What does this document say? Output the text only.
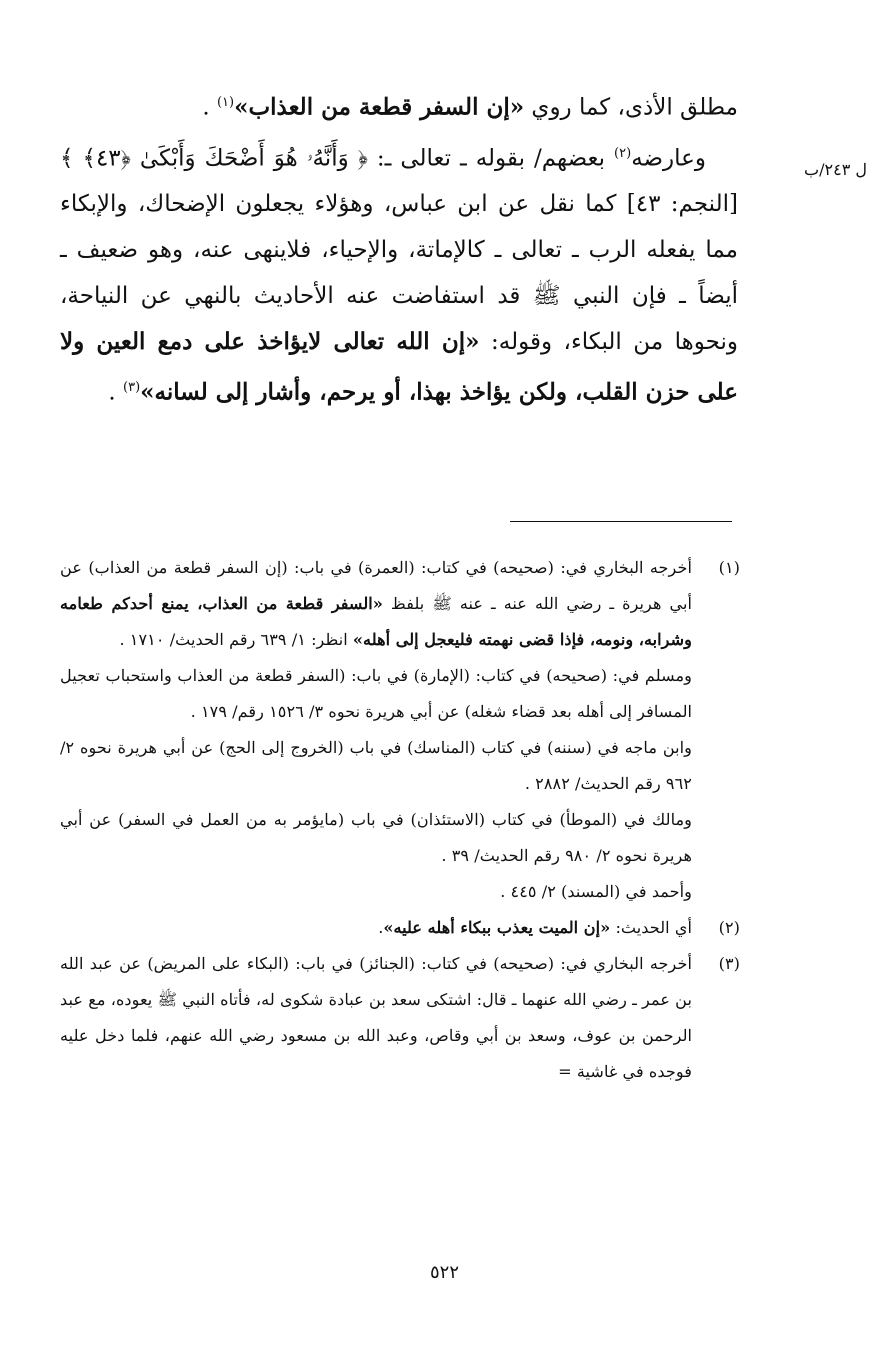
ل ٢٤٣/ب

مطلق الأذى، كما روي «إن السفر قطعة من العذاب»$^{(١)}$ .

وعارضه$^{(٢)}$ بعضهم/ بقوله ـ تعالى ـ: ﴿ وَأَنَّهُۥ هُوَ أَضْحَكَ وَأَبْكَىٰ ﴿٤٣﴾ ﴾ [النجم: ٤٣] كما نقل عن ابن عباس، وهؤلاء يجعلون الإضحاك، والإبكاء مما يفعله الرب ـ تعالى ـ كالإماتة، والإحياء، فلاينهى عنه، وهو ضعيف ـ أيضاً ـ فإن النبي ﷺ قد استفاضت عنه الأحاديث بالنهي عن النياحة، ونحوها من البكاء، وقوله: «إن الله تعالى لايؤاخذ على دمع العين ولا على حزن القلب، ولكن يؤاخذ بهذا، أو يرحم، وأشار إلى لسانه»$^{(٣)}$ .

(١)

أخرجه البخاري في: (صحيحه) في كتاب: (العمرة) في باب: (إن السفر قطعة من العذاب) عن أبي هريرة ـ رضي الله عنه ـ عنه ﷺ بلفظ «السفر قطعة من العذاب، يمنع أحدكم طعامه وشرابه، ونومه، فإذا قضى نهمته فليعجل إلى أهله» انظر: ١/ ٦٣٩ رقم الحديث/ ١٧١٠ .

ومسلم في: (صحيحه) في كتاب: (الإمارة) في باب: (السفر قطعة من العذاب واستحباب تعجيل المسافر إلى أهله بعد قضاء شغله) عن أبي هريرة نحوه ٣/ ١٥٢٦ رقم/ ١٧٩ .

وابن ماجه في (سننه) في كتاب (المناسك) في باب (الخروج إلى الحج) عن أبي هريرة نحوه ٢/ ٩٦٢ رقم الحديث/ ٢٨٨٢ .

ومالك في (الموطأ) في كتاب (الاستئذان) في باب (مايؤمر به من العمل في السفر) عن أبي هريرة نحوه ٢/ ٩٨٠ رقم الحديث/ ٣٩ .

وأحمد في (المسند) ٢/ ٤٤٥ .

(٢)

أي الحديث: «إن الميت يعذب ببكاء أهله عليه».

(٣)

أخرجه البخاري في: (صحيحه) في كتاب: (الجنائز) في باب: (البكاء على المريض) عن عبد الله بن عمر ـ رضي الله عنهما ـ قال: اشتكى سعد بن عبادة شكوى له، فأتاه النبي ﷺ يعوده، مع عبد الرحمن بن عوف، وسعد بن أبي وقاص، وعبد الله بن مسعود رضي الله عنهم، فلما دخل عليه فوجده في غاشية =

٥٢٢
